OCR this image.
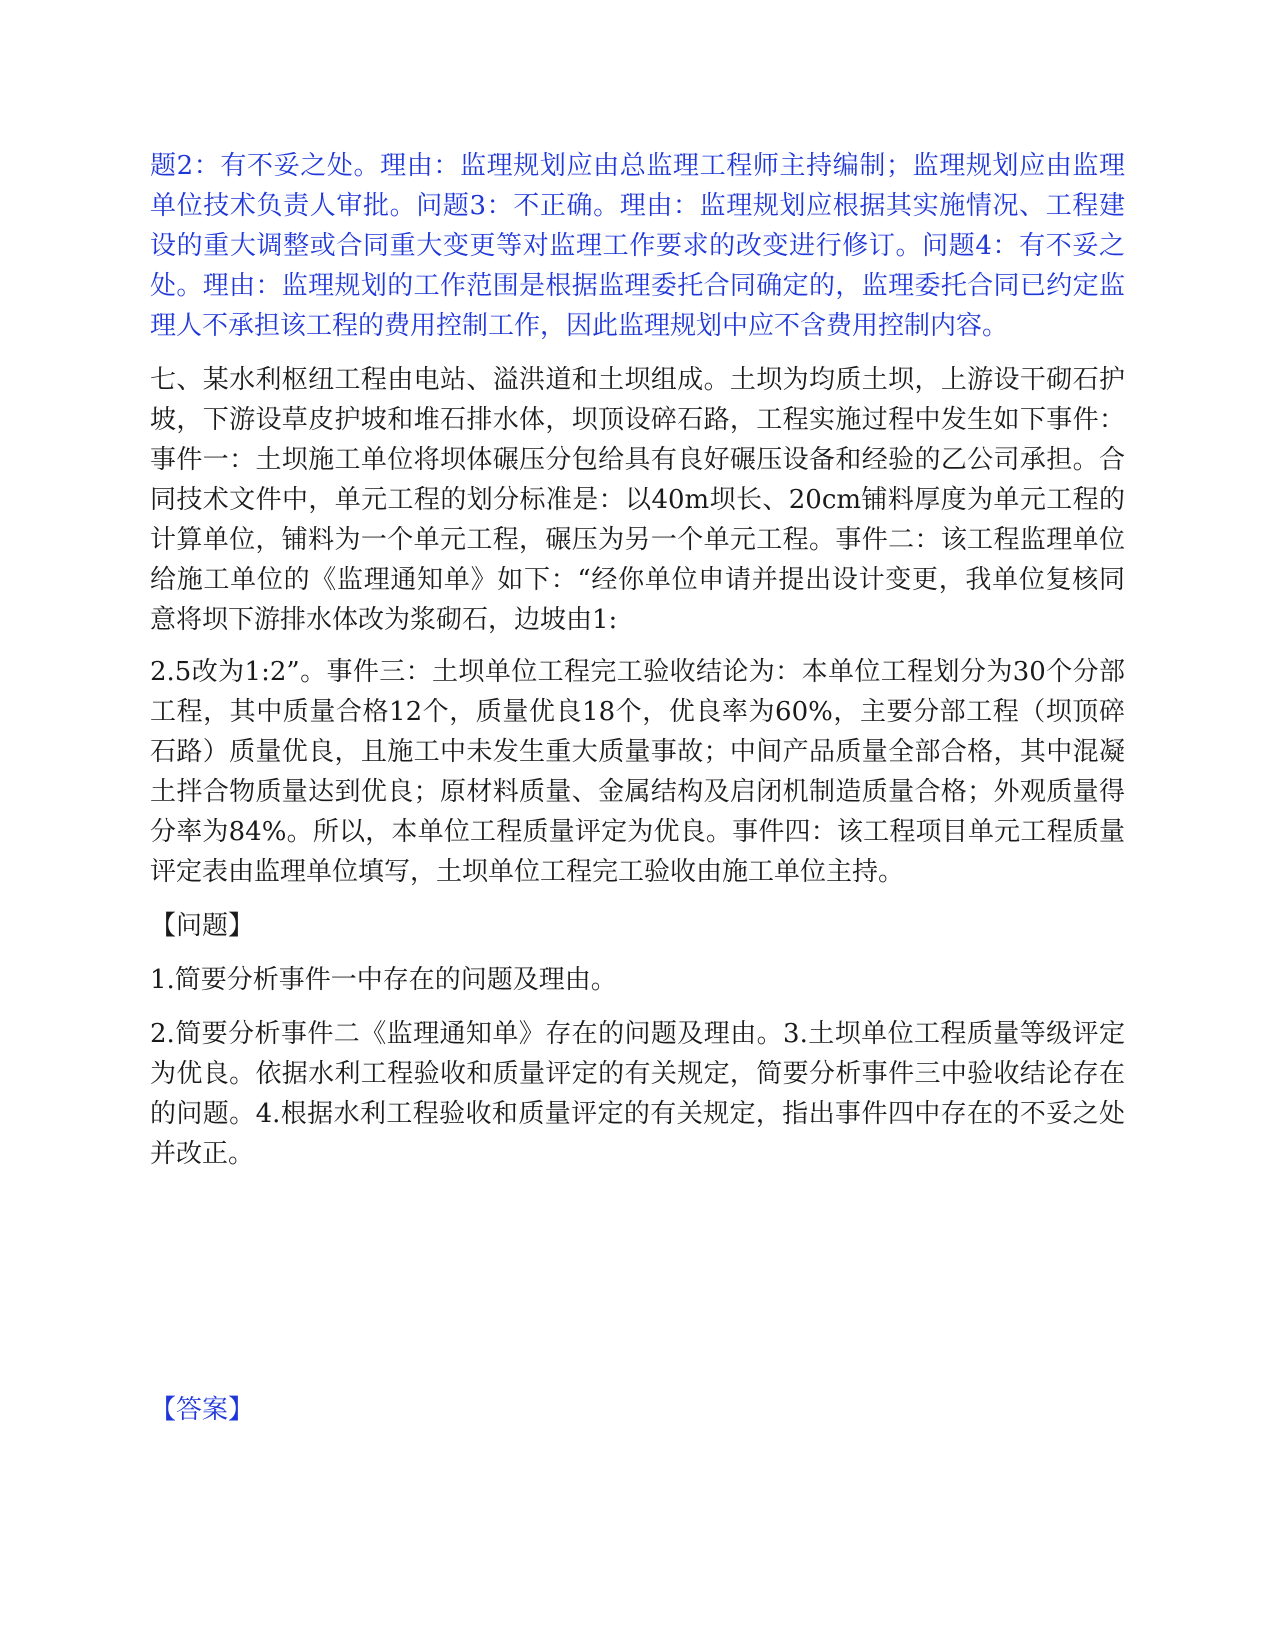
题2：有不妥之处。理由：监理规划应由总监理工程师主持编制；监理规划应由监理单位技术负责人审批。问题3：不正确。理由：监理规划应根据其实施情况、工程建设的重大调整或合同重大变更等对监理工作要求的改变进行修订。问题4：有不妥之处。理由：监理规划的工作范围是根据监理委托合同确定的，监理委托合同已约定监理人不承担该工程的费用控制工作，因此监理规划中应不含费用控制内容。

七、某水利枢纽工程由电站、溢洪道和土坝组成。土坝为均质土坝，上游设干砌石护坡，下游设草皮护坡和堆石排水体，坝顶设碎石路，工程实施过程中发生如下事件：事件一：土坝施工单位将坝体碾压分包给具有良好碾压设备和经验的乙公司承担。合同技术文件中，单元工程的划分标准是：以40m坝长、20cm铺料厚度为单元工程的计算单位，铺料为一个单元工程，碾压为另一个单元工程。事件二：该工程监理单位给施工单位的《监理通知单》如下：“经你单位申请并提出设计变更，我单位复核同意将坝下游排水体改为浆砌石，边坡由1:

2.5改为1:2”。事件三：土坝单位工程完工验收结论为：本单位工程划分为30个分部工程，其中质量合格12个，质量优良18个，优良率为60%，主要分部工程（坝顶碎石路）质量优良，且施工中未发生重大质量事故；中间产品质量全部合格，其中混凝土拌合物质量达到优良；原材料质量、金属结构及启闭机制造质量合格；外观质量得分率为84%。所以，本单位工程质量评定为优良。事件四：该工程项目单元工程质量评定表由监理单位填写，土坝单位工程完工验收由施工单位主持。

【问题】

1.简要分析事件一中存在的问题及理由。

2.简要分析事件二《监理通知单》存在的问题及理由。3.土坝单位工程质量等级评定为优良。依据水利工程验收和质量评定的有关规定，简要分析事件三中验收结论存在的问题。4.根据水利工程验收和质量评定的有关规定，指出事件四中存在的不妥之处并改正。

【答案】
